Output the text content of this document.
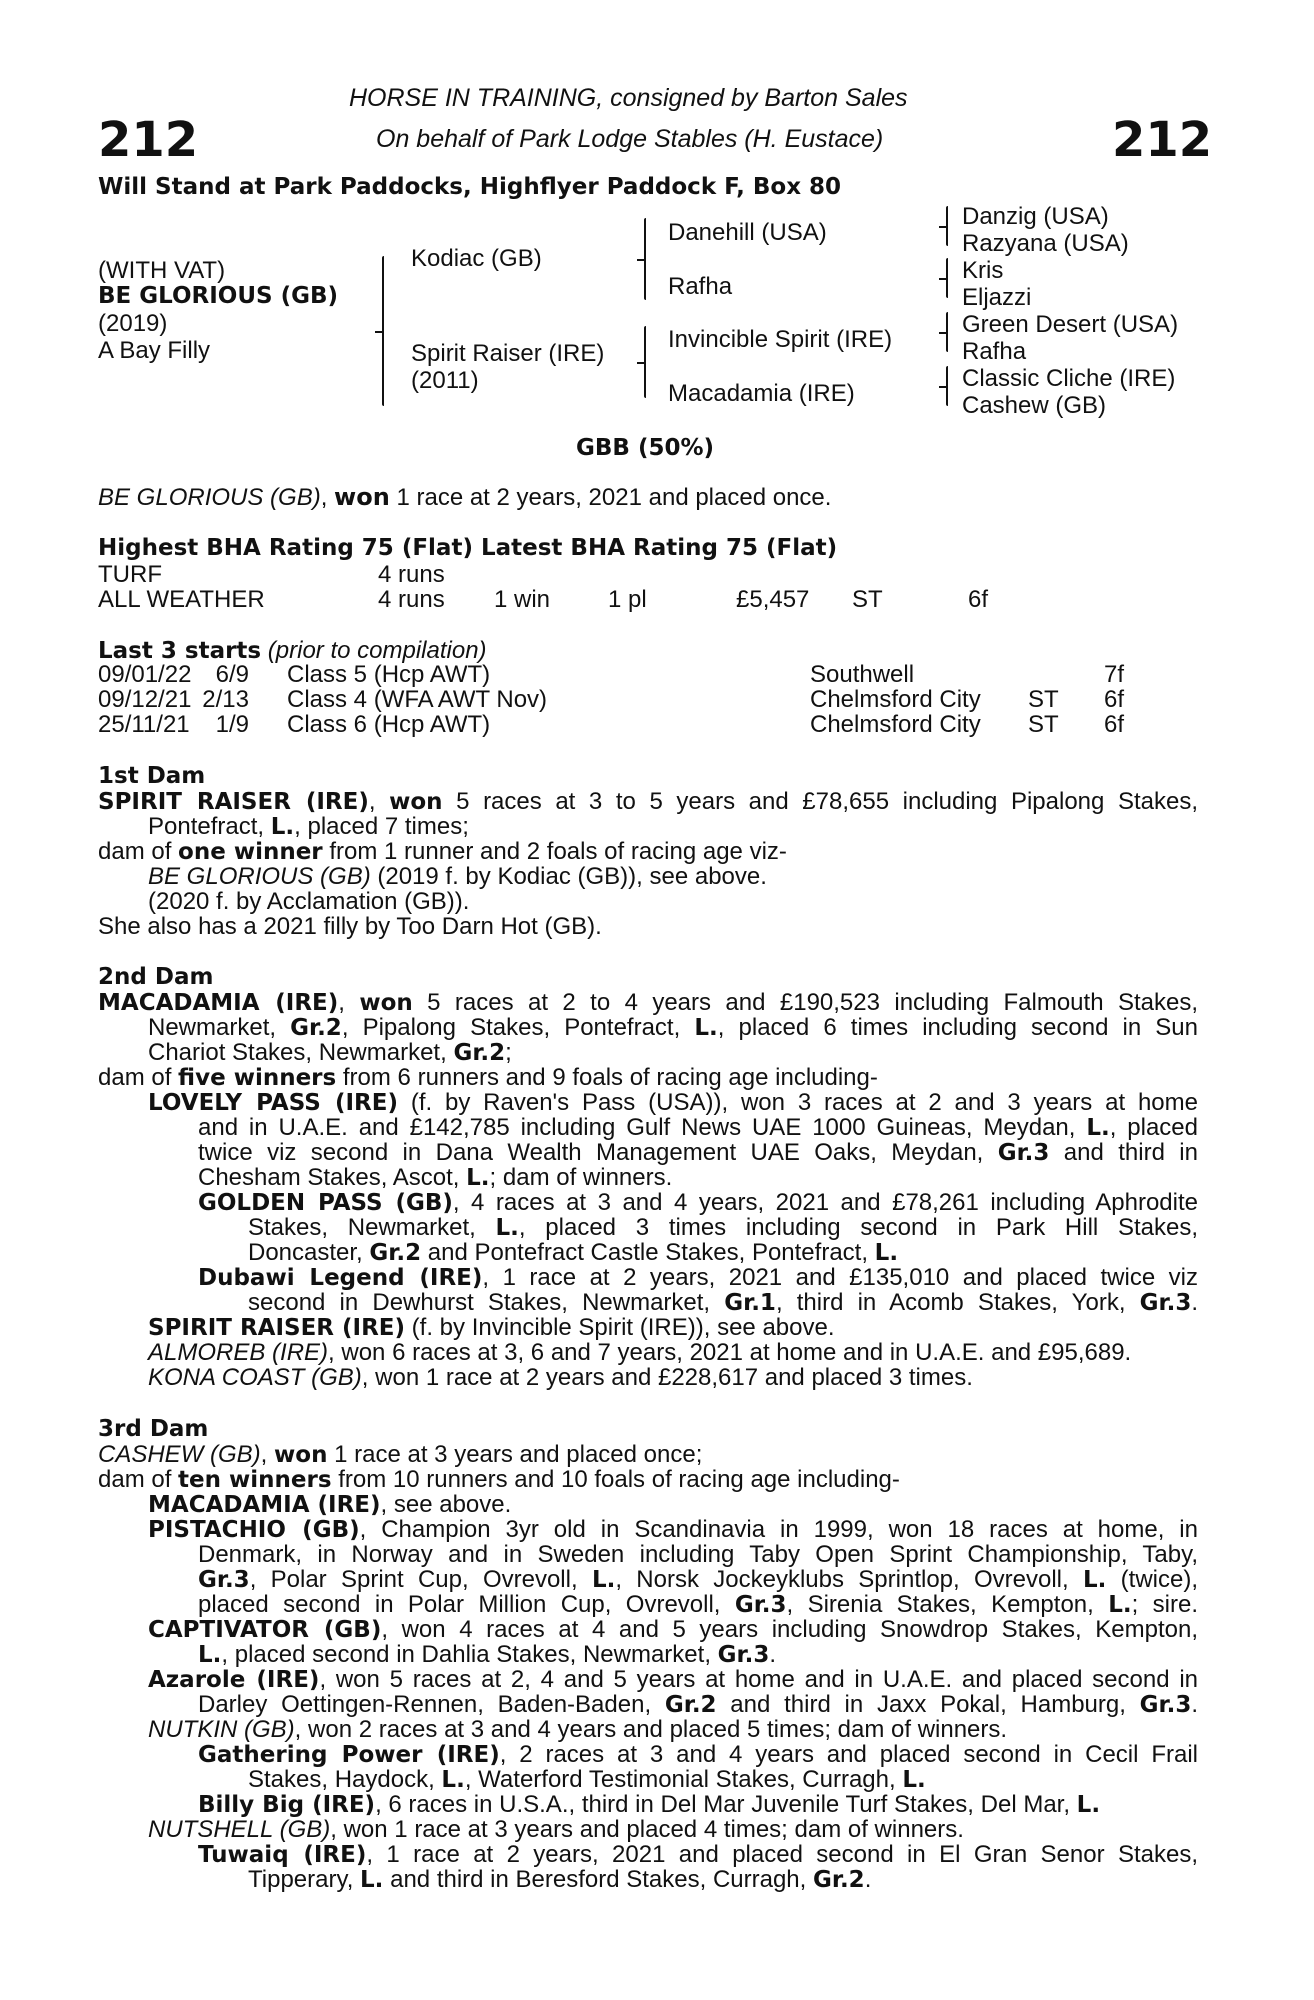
212	212
HORSE IN TRAINING, consigned by Barton Sales
On behalf of Park Lodge Stables (H. Eustace)
Will Stand at Park Paddocks, Highflyer Paddock F, Box 80
(WITH VAT)
BE GLORIOUS (GB)
(2019)
A Bay Filly
Kodiac (GB)
Spirit Raiser (IRE)
(2011)
Danehill (USA)
Rafha
Invincible Spirit (IRE)
Macadamia (IRE)
Danzig (USA)
Razyana (USA)
Kris
Eljazzi
Green Desert (USA)
Rafha
Classic Cliche (IRE)
Cashew (GB)
GBB (50%)
BE GLORIOUS (GB), won 1 race at 2 years, 2021 and placed once.
Highest BHA Rating 75 (Flat) Latest BHA Rating 75 (Flat)
TURF	4 runs
ALL WEATHER	4 runs 1 win 1 pl	£5,457 ST	6f
Last 3 starts (prior to compilation)
09/01/22	6/9 Class 5 (Hcp AWT)	Southwell	7f
09/12/21 2/13 Class 4 (WFA AWT Nov)	Chelmsford City ST 6f
25/11/21	1/9 Class 6 (Hcp AWT)	Chelmsford City ST 6f
1st Dam
SPIRIT RAISER (IRE), won 5 races at 3 to 5 years and £78,655 including Pipalong Stakes,
Pontefract, L., placed 7 times;
dam of one winner from 1 runner and 2 foals of racing age viz-
BE GLORIOUS (GB) (2019 f. by Kodiac (GB)), see above.
(2020 f. by Acclamation (GB)).
She also has a 2021 filly by Too Darn Hot (GB).
2nd Dam
MACADAMIA (IRE), won 5 races at 2 to 4 years and £190,523 including Falmouth Stakes,
Newmarket, Gr.2, Pipalong Stakes, Pontefract, L., placed 6 times including second in Sun
Chariot Stakes, Newmarket, Gr.2;
dam of five winners from 6 runners and 9 foals of racing age including-
LOVELY PASS (IRE) (f. by Raven's Pass (USA)), won 3 races at 2 and 3 years at home
and in U.A.E. and £142,785 including Gulf News UAE 1000 Guineas, Meydan, L., placed
twice viz second in Dana Wealth Management UAE Oaks, Meydan, Gr.3 and third in
Chesham Stakes, Ascot, L.; dam of winners.
GOLDEN PASS (GB), 4 races at 3 and 4 years, 2021 and £78,261 including Aphrodite
Stakes, Newmarket, L., placed 3 times including second in Park Hill Stakes,
Doncaster, Gr.2 and Pontefract Castle Stakes, Pontefract, L.
Dubawi Legend (IRE), 1 race at 2 years, 2021 and £135,010 and placed twice viz
second in Dewhurst Stakes, Newmarket, Gr.1, third in Acomb Stakes, York, Gr.3.
SPIRIT RAISER (IRE) (f. by Invincible Spirit (IRE)), see above.
ALMOREB (IRE), won 6 races at 3, 6 and 7 years, 2021 at home and in U.A.E. and £95,689.
KONA COAST (GB), won 1 race at 2 years and £228,617 and placed 3 times.
3rd Dam
CASHEW (GB), won 1 race at 3 years and placed once;
dam of ten winners from 10 runners and 10 foals of racing age including-
MACADAMIA (IRE), see above.
PISTACHIO (GB), Champion 3yr old in Scandinavia in 1999, won 18 races at home, in
Denmark, in Norway and in Sweden including Taby Open Sprint Championship, Taby,
Gr.3, Polar Sprint Cup, Ovrevoll, L., Norsk Jockeyklubs Sprintlop, Ovrevoll, L. (twice),
placed second in Polar Million Cup, Ovrevoll, Gr.3, Sirenia Stakes, Kempton, L.; sire.
CAPTIVATOR (GB), won 4 races at 4 and 5 years including Snowdrop Stakes, Kempton,
L., placed second in Dahlia Stakes, Newmarket, Gr.3.
Azarole (IRE), won 5 races at 2, 4 and 5 years at home and in U.A.E. and placed second in
Darley Oettingen-Rennen, Baden-Baden, Gr.2 and third in Jaxx Pokal, Hamburg, Gr.3.
NUTKIN (GB), won 2 races at 3 and 4 years and placed 5 times; dam of winners.
Gathering Power (IRE), 2 races at 3 and 4 years and placed second in Cecil Frail
Stakes, Haydock, L., Waterford Testimonial Stakes, Curragh, L.
Billy Big (IRE), 6 races in U.S.A., third in Del Mar Juvenile Turf Stakes, Del Mar, L.
NUTSHELL (GB), won 1 race at 3 years and placed 4 times; dam of winners.
Tuwaiq (IRE), 1 race at 2 years, 2021 and placed second in El Gran Senor Stakes,
Tipperary, L. and third in Beresford Stakes, Curragh, Gr.2.
